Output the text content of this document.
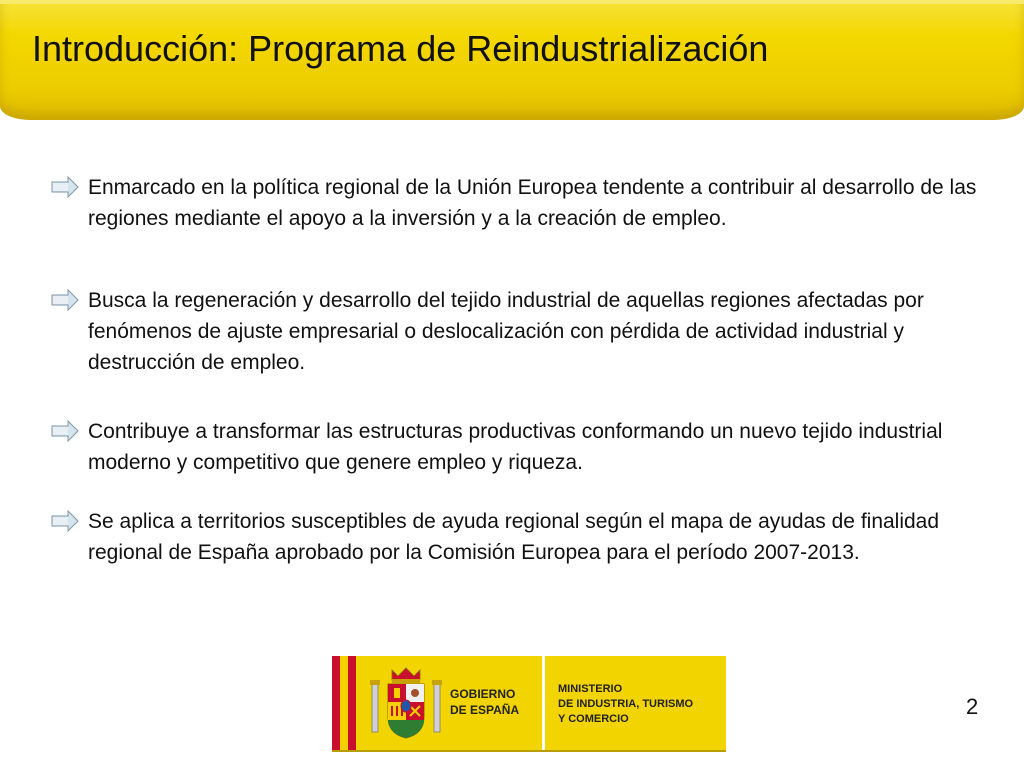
Introducción: Programa de Reindustrialización

Enmarcado en la política regional de la Unión Europea tendente a contribuir al desarrollo de las regiones mediante el apoyo a la inversión y a la creación de empleo.

Busca la regeneración y desarrollo del tejido industrial de aquellas regiones afectadas por fenómenos de ajuste empresarial o deslocalización con pérdida de actividad industrial y destrucción de empleo.

Contribuye a transformar las estructuras productivas conformando un nuevo tejido industrial moderno y competitivo que genere empleo y riqueza.

Se aplica a territorios susceptibles de ayuda regional según el mapa de ayudas de finalidad regional de España aprobado por la Comisión Europea para el período 2007-2013.

★
★
★
★
★

GOBIERNO
DE ESPAÑA

MINISTERIO
DE INDUSTRIA, TURISMO
Y COMERCIO	2
